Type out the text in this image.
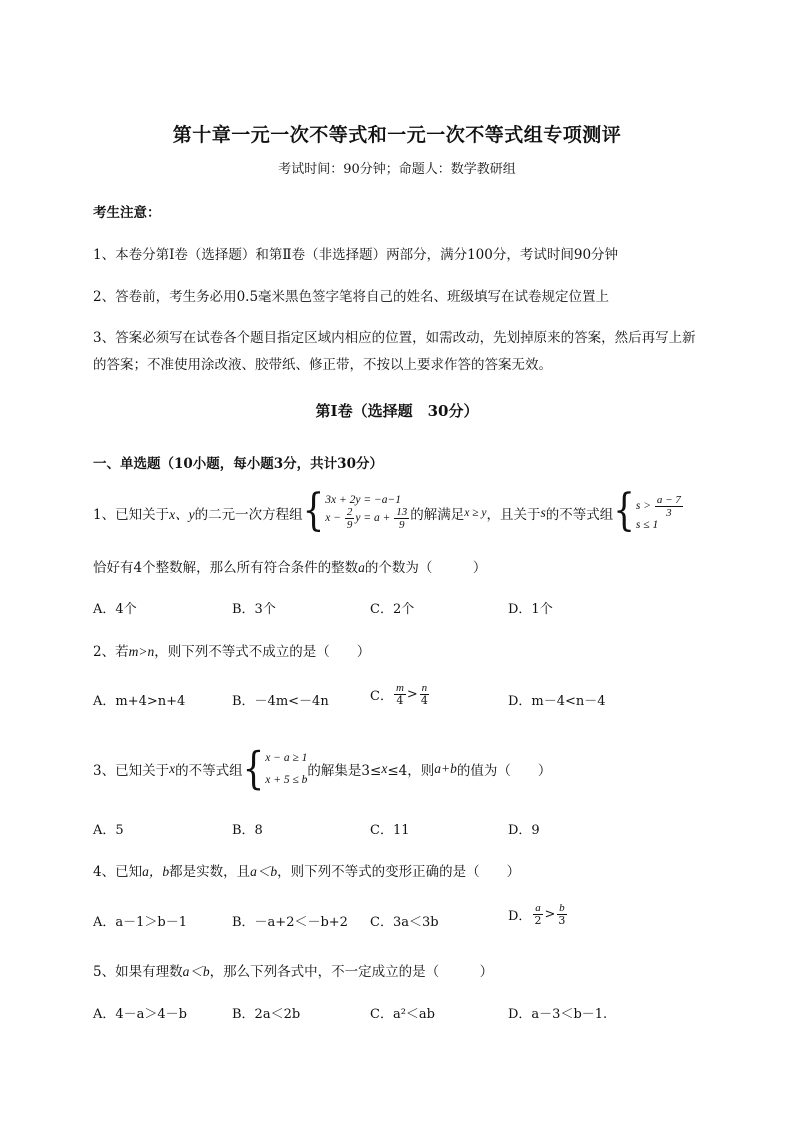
第十章一元一次不等式和一元一次不等式组专项测评
考试时间：90分钟；命题人：数学教研组
考生注意：
1、本卷分第I卷（选择题）和第Ⅱ卷（非选择题）两部分，满分100分，考试时间90分钟
2、答卷前，考生务必用0.5毫米黑色签字笔将自己的姓名、班级填写在试卷规定位置上
3、答案必须写在试卷各个题目指定区域内相应的位置，如需改动，先划掉原来的答案，然后再写上新
的答案；不准使用涂改液、胶带纸、修正带，不按以上要求作答的答案无效。
第I卷（选择题　30分）
一、单选题（10小题，每小题3分，共计30分）
1、已知关于 x、y 的二元一次方程组 { 3x + 2y = −a−1
$x - \frac{2}{9}$ $y = a + \frac{13}{9}$ 的解满足 x ≥ y ，且关于 s 的不等式组 { $s > \frac{a - 7}{3}$
s ≤ 1
恰好有4个整数解，那么所有符合条件的整数a的个数为（　　　）
A．4个	B．3个	C．2个	D．1个
2、若m>n，则下列不等式不成立的是（　　）
A．m+4>n+4	B．－4m<－4n	C． $\frac{m}{4} > \frac{n}{4}$	D．m－4<n－4
3、已知关于 x 的不等式组 { x − a ≥ 1
x + 5 ≤ b
的解集是3≤ x ≤4，则 a+b 的值为（　　）
A．5	B．8	C．11	D．9
4、已知a，b都是实数，且a＜b，则下列不等式的变形正确的是（　　）
A．a－1＞b－1	B．－a+2＜－b+2 C．3a＜3b	D． $\frac{a}{2} > \frac{b}{3}$
5、如果有理数a＜b，那么下列各式中，不一定成立的是（　　　）
A．4－a＞4－b	B．2a＜2b	C．a²＜ab	D．a－3＜b－1.
